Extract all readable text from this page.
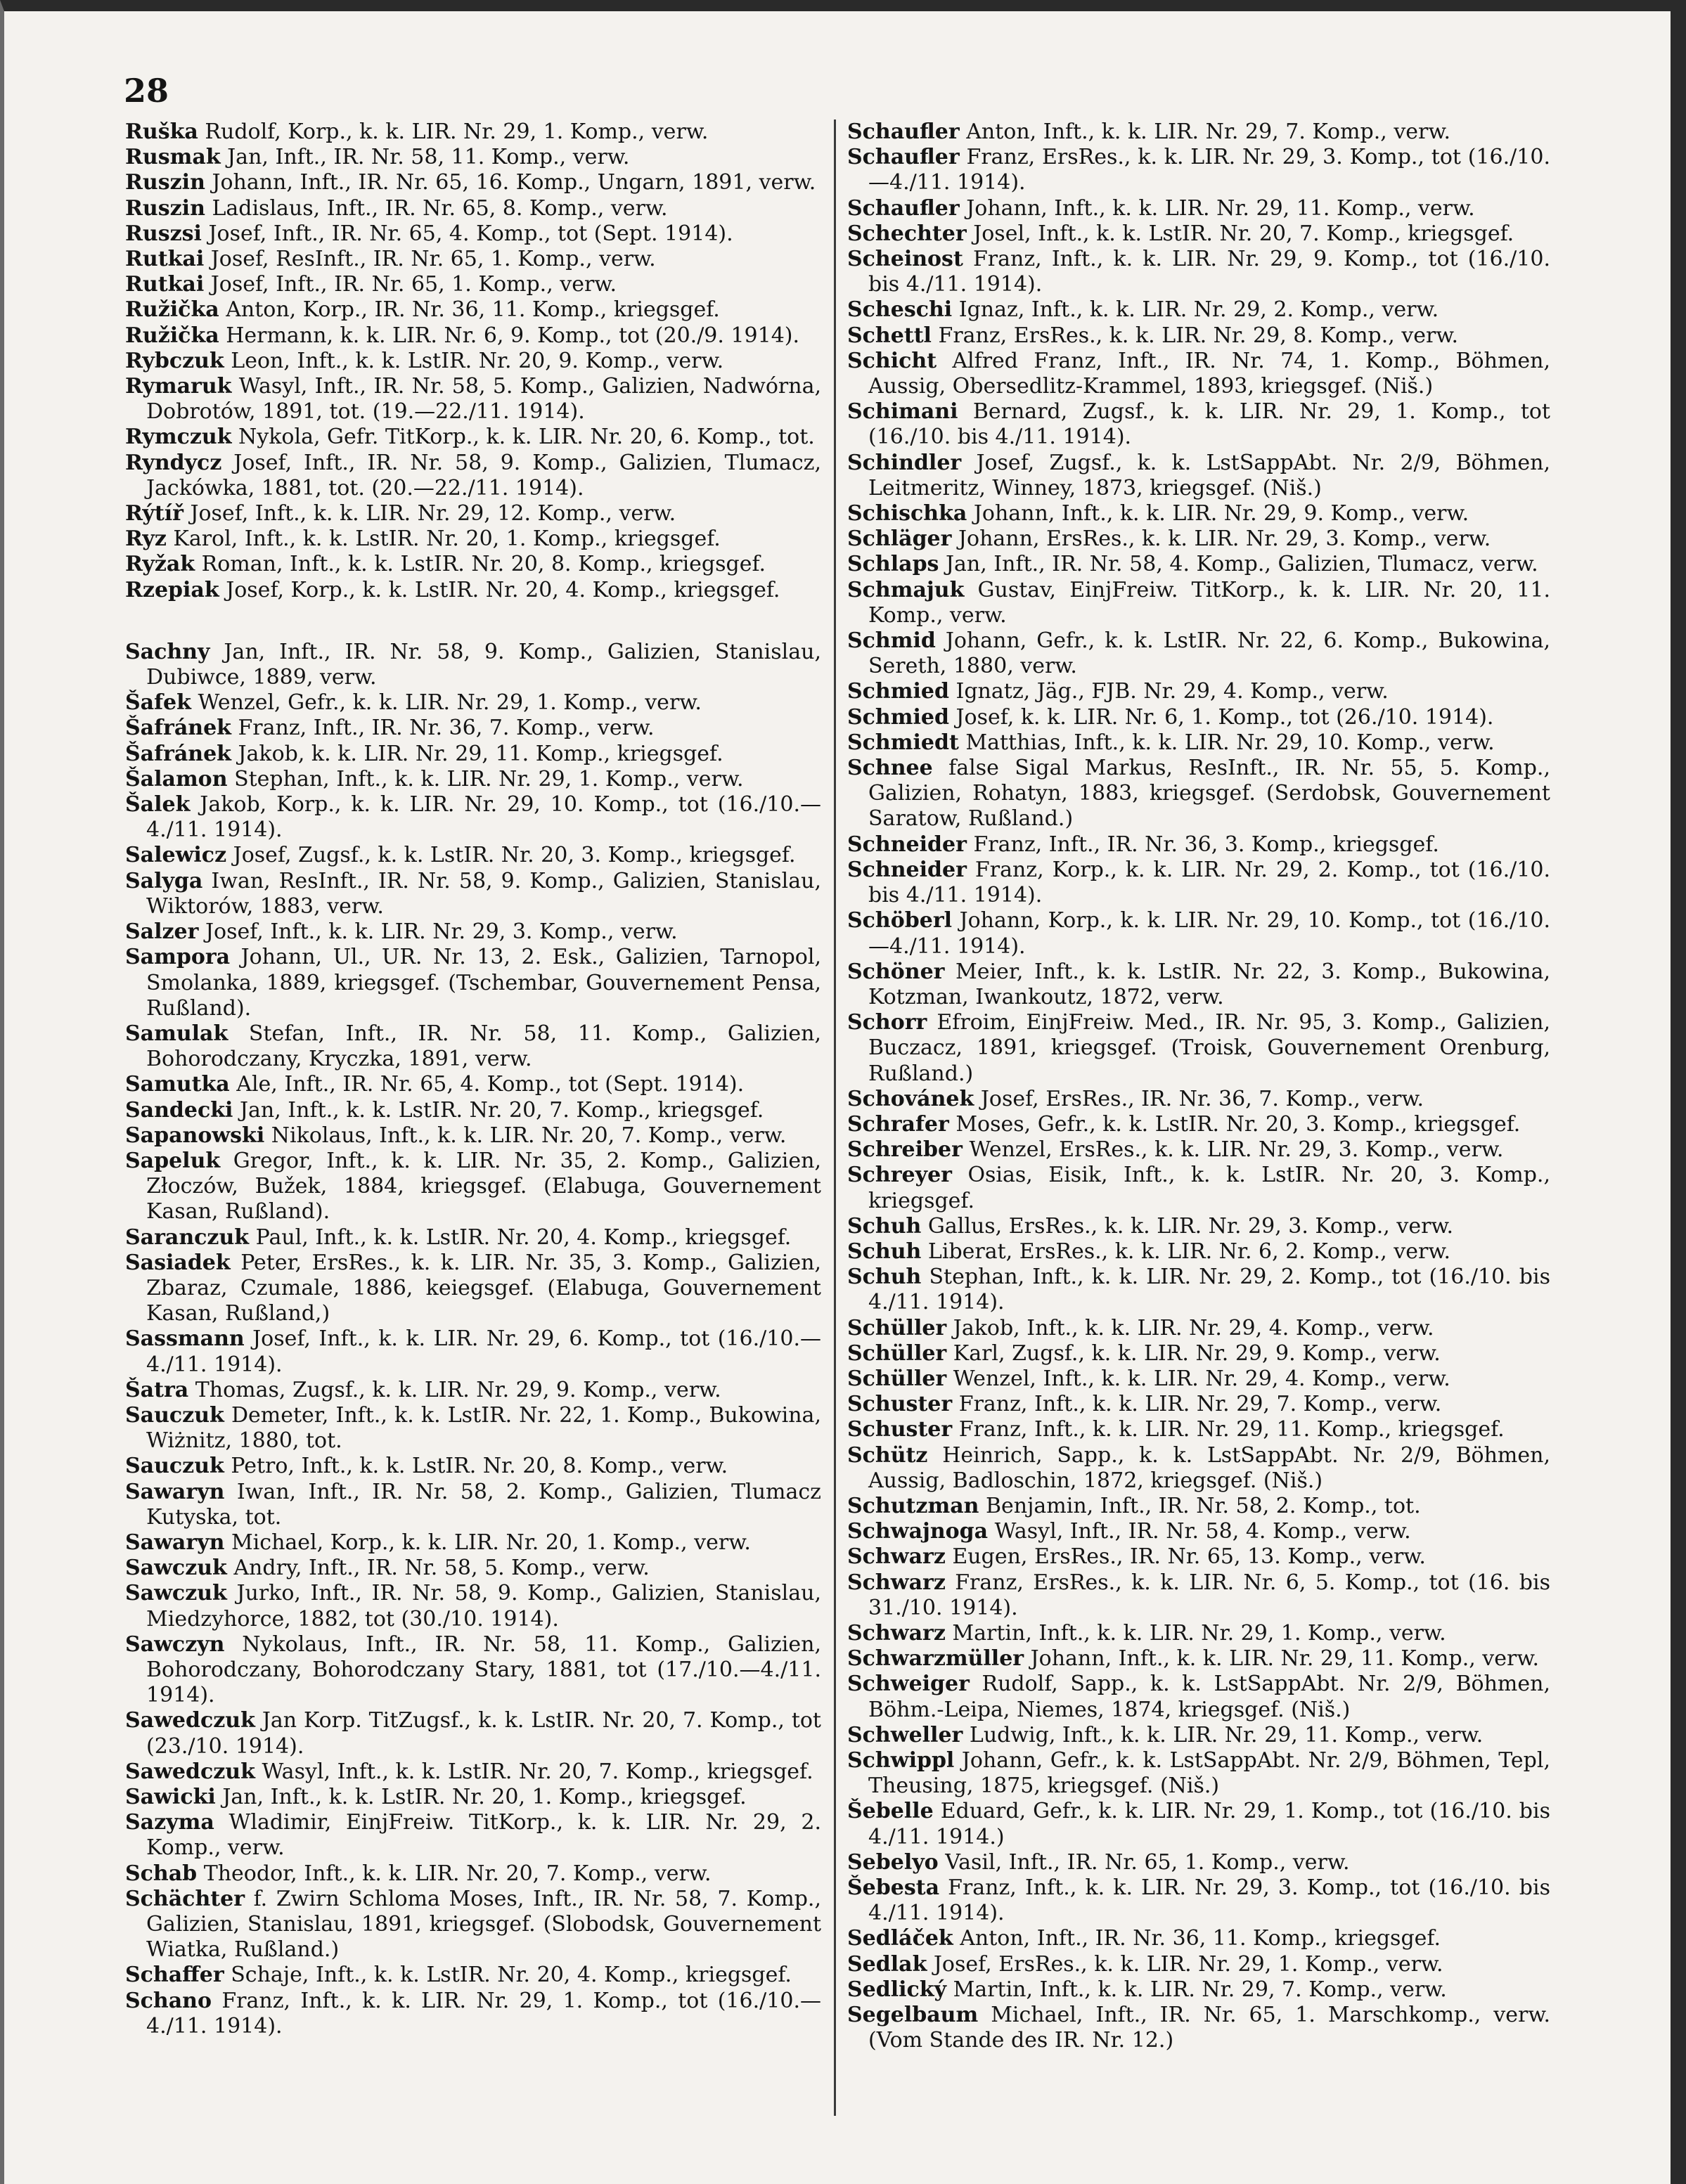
28
Ruška Rudolf, Korp., k. k. LIR. Nr. 29, 1. Komp., verw.
Rusmak Jan, Inft., IR. Nr. 58, 11. Komp., verw.
Ruszin Johann, Inft., IR. Nr. 65, 16. Komp., Ungarn, 1891, verw.
Ruszin Ladislaus, Inft., IR. Nr. 65, 8. Komp., verw.
Ruszsi Josef, Inft., IR. Nr. 65, 4. Komp., tot (Sept. 1914).
Rutkai Josef, ResInft., IR. Nr. 65, 1. Komp., verw.
Rutkai Josef, Inft., IR. Nr. 65, 1. Komp., verw.
Ružička Anton, Korp., IR. Nr. 36, 11. Komp., kriegsgef.
Ružička Hermann, k. k. LIR. Nr. 6, 9. Komp., tot (20./9. 1914).
Rybczuk Leon, Inft., k. k. LstIR. Nr. 20, 9. Komp., verw.
Rymaruk Wasyl, Inft., IR. Nr. 58, 5. Komp., Galizien, Nadwórna, Dobrotów, 1891, tot. (19.—22./11. 1914).
Rymczuk Nykola, Gefr. TitKorp., k. k. LIR. Nr. 20, 6. Komp., tot.
Ryndycz Josef, Inft., IR. Nr. 58, 9. Komp., Galizien, Tlumacz, Jackówka, 1881, tot. (20.—22./11. 1914).
Rýtíř Josef, Inft., k. k. LIR. Nr. 29, 12. Komp., verw.
Ryz Karol, Inft., k. k. LstIR. Nr. 20, 1. Komp., kriegsgef.
Ryžak Roman, Inft., k. k. LstIR. Nr. 20, 8. Komp., kriegsgef.
Rzepiak Josef, Korp., k. k. LstIR. Nr. 20, 4. Komp., kriegsgef.
Sachny Jan, Inft., IR. Nr. 58, 9. Komp., Galizien, Stanislau, Dubiwce, 1889, verw.
Šafek Wenzel, Gefr., k. k. LIR. Nr. 29, 1. Komp., verw.
Šafránek Franz, Inft., IR. Nr. 36, 7. Komp., verw.
Šafránek Jakob, k. k. LIR. Nr. 29, 11. Komp., kriegsgef.
Šalamon Stephan, Inft., k. k. LIR. Nr. 29, 1. Komp., verw.
Šalek Jakob, Korp., k. k. LIR. Nr. 29, 10. Komp., tot (16./10.—4./11. 1914).
Salewicz Josef, Zugsf., k. k. LstIR. Nr. 20, 3. Komp., kriegsgef.
Salyga Iwan, ResInft., IR. Nr. 58, 9. Komp., Galizien, Stanislau, Wiktorów, 1883, verw.
Salzer Josef, Inft., k. k. LIR. Nr. 29, 3. Komp., verw.
Sampora Johann, Ul., UR. Nr. 13, 2. Esk., Galizien, Tarnopol, Smolanka, 1889, kriegsgef. (Tschembar, Gouvernement Pensa, Rußland).
Samulak Stefan, Inft., IR. Nr. 58, 11. Komp., Galizien, Bohorodczany, Kryczka, 1891, verw.
Samutka Ale, Inft., IR. Nr. 65, 4. Komp., tot (Sept. 1914).
Sandecki Jan, Inft., k. k. LstIR. Nr. 20, 7. Komp., kriegsgef.
Sapanowski Nikolaus, Inft., k. k. LIR. Nr. 20, 7. Komp., verw.
Sapeluk Gregor, Inft., k. k. LIR. Nr. 35, 2. Komp., Galizien, Złoczów, Bužek, 1884, kriegsgef. (Elabuga, Gouvernement Kasan, Rußland).
Saranczuk Paul, Inft., k. k. LstIR. Nr. 20, 4. Komp., kriegsgef.
Sasiadek Peter, ErsRes., k. k. LIR. Nr. 35, 3. Komp., Galizien, Zbaraz, Czumale, 1886, keiegsgef. (Elabuga, Gouvernement Kasan, Rußland,)
Sassmann Josef, Inft., k. k. LIR. Nr. 29, 6. Komp., tot (16./10.—4./11. 1914).
Šatra Thomas, Zugsf., k. k. LIR. Nr. 29, 9. Komp., verw.
Sauczuk Demeter, Inft., k. k. LstIR. Nr. 22, 1. Komp., Bukowina, Wiżnitz, 1880, tot.
Sauczuk Petro, Inft., k. k. LstIR. Nr. 20, 8. Komp., verw.
Sawaryn Iwan, Inft., IR. Nr. 58, 2. Komp., Galizien, Tlumacz Kutyska, tot.
Sawaryn Michael, Korp., k. k. LIR. Nr. 20, 1. Komp., verw.
Sawczuk Andry, Inft., IR. Nr. 58, 5. Komp., verw.
Sawczuk Jurko, Inft., IR. Nr. 58, 9. Komp., Galizien, Stanislau, Miedzyhorce, 1882, tot (30./10. 1914).
Sawczyn Nykolaus, Inft., IR. Nr. 58, 11. Komp., Galizien, Bohorodczany, Bohorodczany Stary, 1881, tot (17./10.—4./11. 1914).
Sawedczuk Jan Korp. TitZugsf., k. k. LstIR. Nr. 20, 7. Komp., tot (23./10. 1914).
Sawedczuk Wasyl, Inft., k. k. LstIR. Nr. 20, 7. Komp., kriegsgef.
Sawicki Jan, Inft., k. k. LstIR. Nr. 20, 1. Komp., kriegsgef.
Sazyma Wladimir, EinjFreiw. TitKorp., k. k. LIR. Nr. 29, 2. Komp., verw.
Schab Theodor, Inft., k. k. LIR. Nr. 20, 7. Komp., verw.
Schächter f. Zwirn Schloma Moses, Inft., IR. Nr. 58, 7. Komp., Galizien, Stanislau, 1891, kriegsgef. (Slobodsk, Gouvernement Wiatka, Rußland.)
Schaffer Schaje, Inft., k. k. LstIR. Nr. 20, 4. Komp., kriegsgef.
Schano Franz, Inft., k. k. LIR. Nr. 29, 1. Komp., tot (16./10.—4./11. 1914).
Schaufler Anton, Inft., k. k. LIR. Nr. 29, 7. Komp., verw.
Schaufler Franz, ErsRes., k. k. LIR. Nr. 29, 3. Komp., tot (16./10.—4./11. 1914).
Schaufler Johann, Inft., k. k. LIR. Nr. 29, 11. Komp., verw.
Schechter Josel, Inft., k. k. LstIR. Nr. 20, 7. Komp., kriegsgef.
Scheinost Franz, Inft., k. k. LIR. Nr. 29, 9. Komp., tot (16./10. bis 4./11. 1914).
Scheschi Ignaz, Inft., k. k. LIR. Nr. 29, 2. Komp., verw.
Schettl Franz, ErsRes., k. k. LIR. Nr. 29, 8. Komp., verw.
Schicht Alfred Franz, Inft., IR. Nr. 74, 1. Komp., Böhmen, Aussig, Obersedlitz-Krammel, 1893, kriegsgef. (Niš.)
Schimani Bernard, Zugsf., k. k. LIR. Nr. 29, 1. Komp., tot (16./10. bis 4./11. 1914).
Schindler Josef, Zugsf., k. k. LstSappAbt. Nr. 2/9, Böhmen, Leitmeritz, Winney, 1873, kriegsgef. (Niš.)
Schischka Johann, Inft., k. k. LIR. Nr. 29, 9. Komp., verw.
Schläger Johann, ErsRes., k. k. LIR. Nr. 29, 3. Komp., verw.
Schlaps Jan, Inft., IR. Nr. 58, 4. Komp., Galizien, Tlumacz, verw.
Schmajuk Gustav, EinjFreiw. TitKorp., k. k. LIR. Nr. 20, 11. Komp., verw.
Schmid Johann, Gefr., k. k. LstIR. Nr. 22, 6. Komp., Bukowina, Sereth, 1880, verw.
Schmied Ignatz, Jäg., FJB. Nr. 29, 4. Komp., verw.
Schmied Josef, k. k. LIR. Nr. 6, 1. Komp., tot (26./10. 1914).
Schmiedt Matthias, Inft., k. k. LIR. Nr. 29, 10. Komp., verw.
Schnee false Sigal Markus, ResInft., IR. Nr. 55, 5. Komp., Galizien, Rohatyn, 1883, kriegsgef. (Serdobsk, Gouvernement Saratow, Rußland.)
Schneider Franz, Inft., IR. Nr. 36, 3. Komp., kriegsgef.
Schneider Franz, Korp., k. k. LIR. Nr. 29, 2. Komp., tot (16./10. bis 4./11. 1914).
Schöberl Johann, Korp., k. k. LIR. Nr. 29, 10. Komp., tot (16./10.—4./11. 1914).
Schöner Meier, Inft., k. k. LstIR. Nr. 22, 3. Komp., Bukowina, Kotzman, Iwankoutz, 1872, verw.
Schorr Efroim, EinjFreiw. Med., IR. Nr. 95, 3. Komp., Galizien, Buczacz, 1891, kriegsgef. (Troisk, Gouvernement Orenburg, Rußland.)
Schovánek Josef, ErsRes., IR. Nr. 36, 7. Komp., verw.
Schrafer Moses, Gefr., k. k. LstIR. Nr. 20, 3. Komp., kriegsgef.
Schreiber Wenzel, ErsRes., k. k. LIR. Nr. 29, 3. Komp., verw.
Schreyer Osias, Eisik, Inft., k. k. LstIR. Nr. 20, 3. Komp., kriegsgef.
Schuh Gallus, ErsRes., k. k. LIR. Nr. 29, 3. Komp., verw.
Schuh Liberat, ErsRes., k. k. LIR. Nr. 6, 2. Komp., verw.
Schuh Stephan, Inft., k. k. LIR. Nr. 29, 2. Komp., tot (16./10. bis 4./11. 1914).
Schüller Jakob, Inft., k. k. LIR. Nr. 29, 4. Komp., verw.
Schüller Karl, Zugsf., k. k. LIR. Nr. 29, 9. Komp., verw.
Schüller Wenzel, Inft., k. k. LIR. Nr. 29, 4. Komp., verw.
Schuster Franz, Inft., k. k. LIR. Nr. 29, 7. Komp., verw.
Schuster Franz, Inft., k. k. LIR. Nr. 29, 11. Komp., kriegsgef.
Schütz Heinrich, Sapp., k. k. LstSappAbt. Nr. 2/9, Böhmen, Aussig, Badloschin, 1872, kriegsgef. (Niš.)
Schutzman Benjamin, Inft., IR. Nr. 58, 2. Komp., tot.
Schwajnoga Wasyl, Inft., IR. Nr. 58, 4. Komp., verw.
Schwarz Eugen, ErsRes., IR. Nr. 65, 13. Komp., verw.
Schwarz Franz, ErsRes., k. k. LIR. Nr. 6, 5. Komp., tot (16. bis 31./10. 1914).
Schwarz Martin, Inft., k. k. LIR. Nr. 29, 1. Komp., verw.
Schwarzmüller Johann, Inft., k. k. LIR. Nr. 29, 11. Komp., verw.
Schweiger Rudolf, Sapp., k. k. LstSappAbt. Nr. 2/9, Böhmen, Böhm.-Leipa, Niemes, 1874, kriegsgef. (Niš.)
Schweller Ludwig, Inft., k. k. LIR. Nr. 29, 11. Komp., verw.
Schwippl Johann, Gefr., k. k. LstSappAbt. Nr. 2/9, Böhmen, Tepl, Theusing, 1875, kriegsgef. (Niš.)
Šebelle Eduard, Gefr., k. k. LIR. Nr. 29, 1. Komp., tot (16./10. bis 4./11. 1914.)
Sebelyo Vasil, Inft., IR. Nr. 65, 1. Komp., verw.
Šebesta Franz, Inft., k. k. LIR. Nr. 29, 3. Komp., tot (16./10. bis 4./11. 1914).
Sedláček Anton, Inft., IR. Nr. 36, 11. Komp., kriegsgef.
Sedlak Josef, ErsRes., k. k. LIR. Nr. 29, 1. Komp., verw.
Sedlický Martin, Inft., k. k. LIR. Nr. 29, 7. Komp., verw.
Segelbaum Michael, Inft., IR. Nr. 65, 1. Marschkomp., verw. (Vom Stande des IR. Nr. 12.)
